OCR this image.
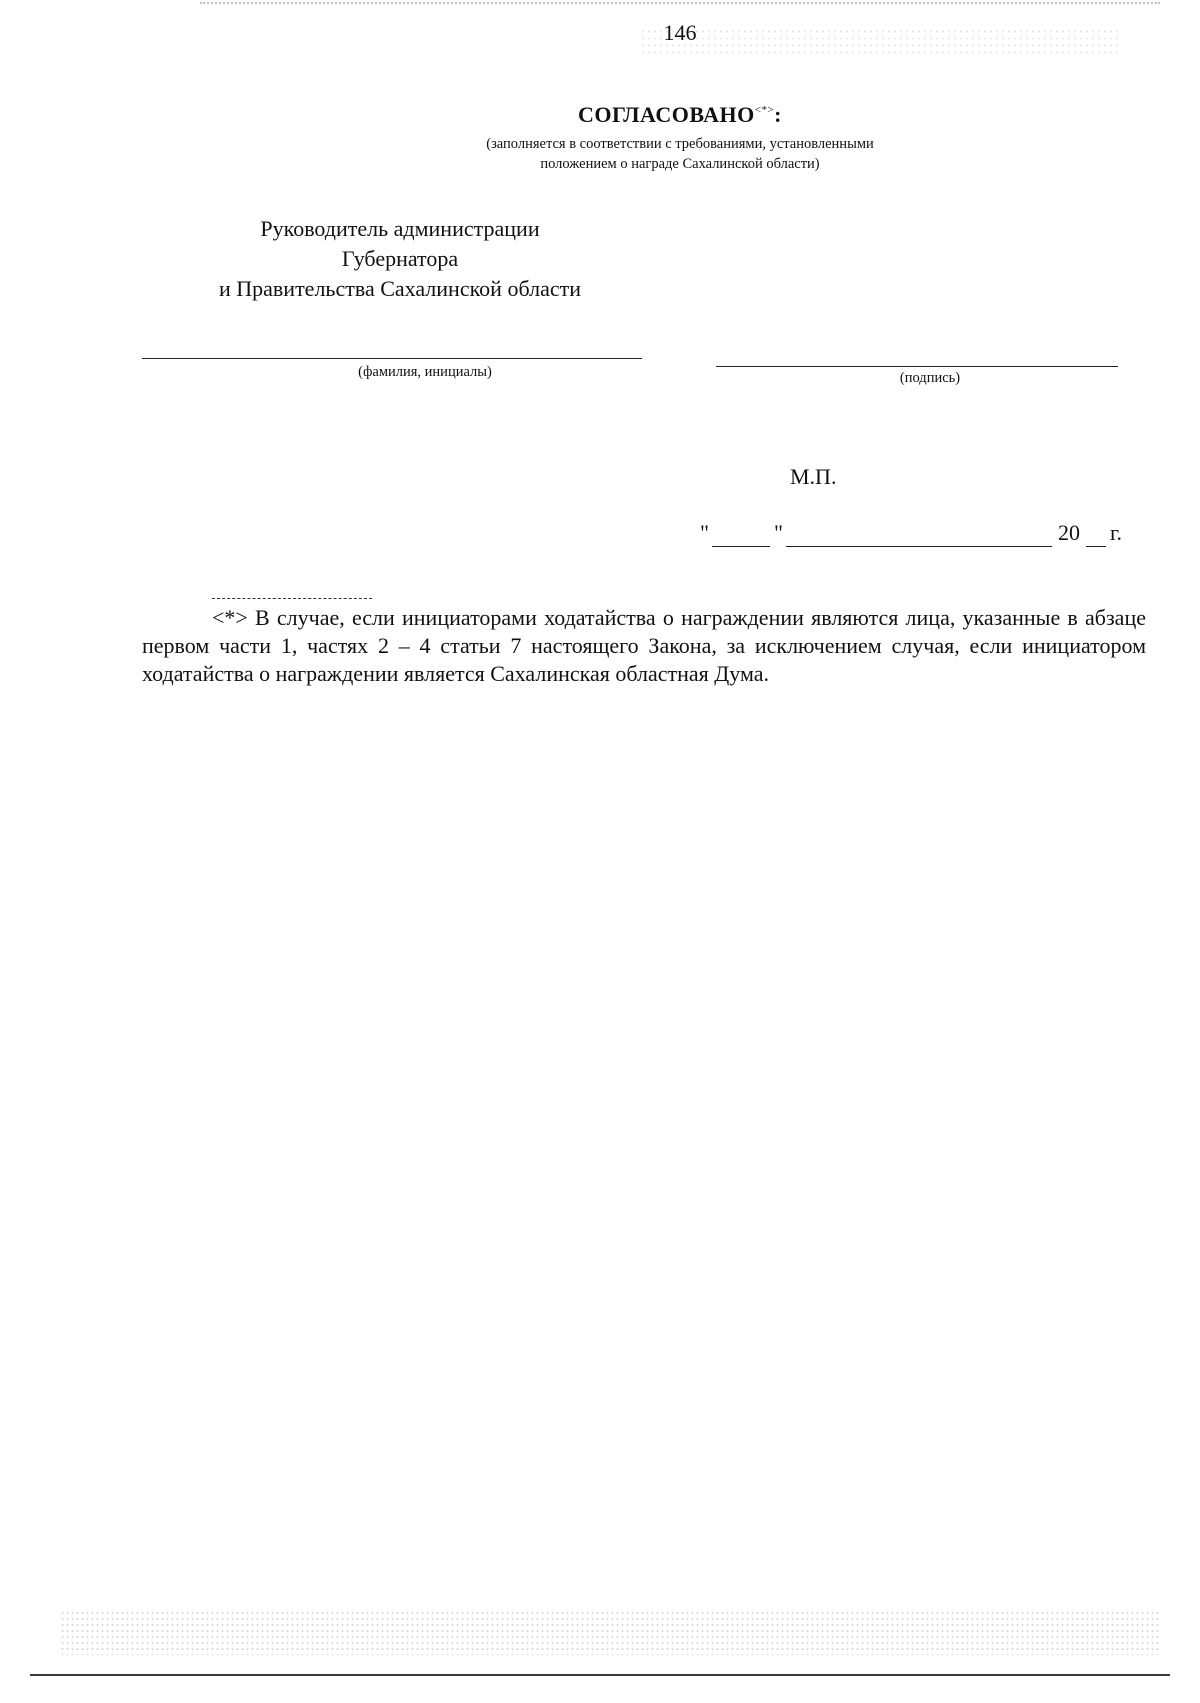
146
СОГЛАСОВАНО<*>:
(заполняется в соответствии с требованиями, установленными
положением о награде Сахалинской области)
Руководитель администрации
Губернатора
и Правительства Сахалинской области
(фамилия, инициалы)	(подпись)
М.П.
"	"	20 г.
<*> В случае, если инициаторами ходатайства о награждении являются лица, указанные в абзаце первом части 1, частях 2 – 4 статьи 7 настоящего Закона, за исключением случая, если инициатором ходатайства о награждении является Сахалинская областная Дума.
